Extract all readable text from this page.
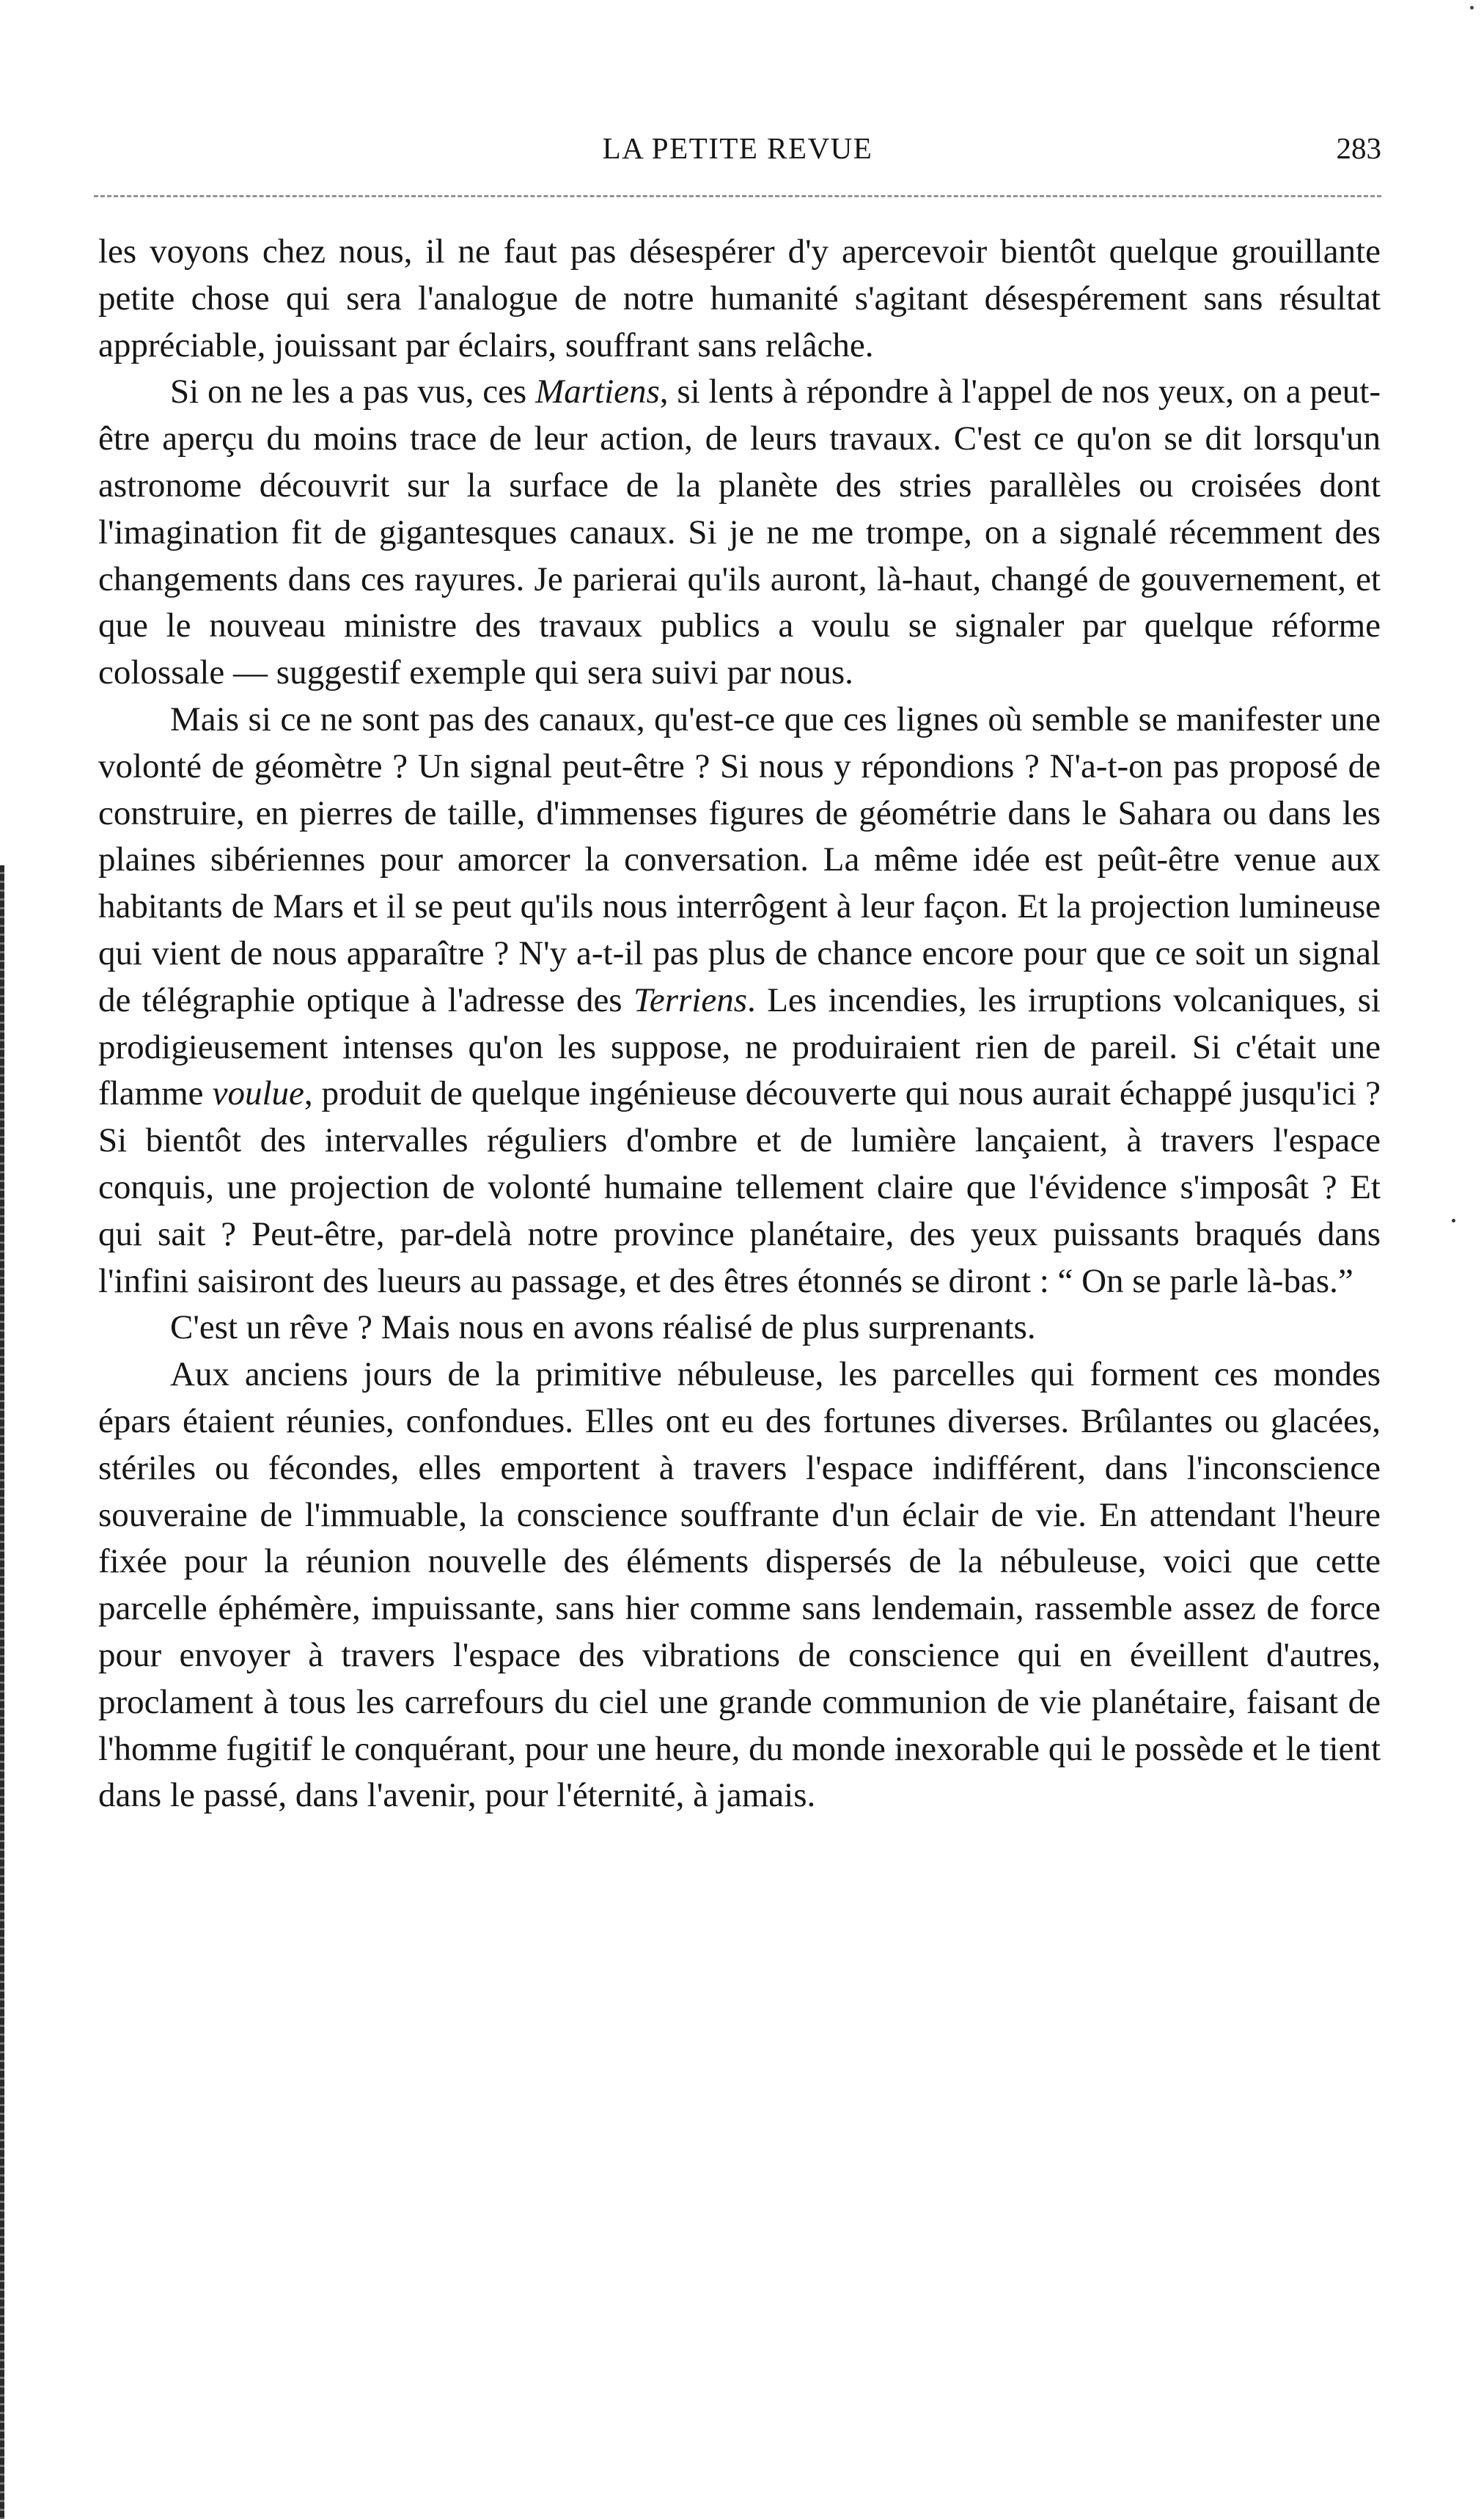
LA PETITE REVUE	283

les voyons chez nous, il ne faut pas désespérer d'y apercevoir bientôt quelque grouillante petite chose qui sera l'analogue de notre humanité s'agitant désespérement sans résultat appréciable, jouissant par éclairs, souffrant sans relâche.

Si on ne les a pas vus, ces Martiens, si lents à répondre à l'appel de nos yeux, on a peut-être aperçu du moins trace de leur action, de leurs travaux. C'est ce qu'on se dit lorsqu'un astronome découvrit sur la surface de la planète des stries parallèles ou croisées dont l'imagination fit de gigantesques canaux. Si je ne me trompe, on a signalé récemment des changements dans ces rayures. Je parierai qu'ils auront, là-haut, changé de gouvernement, et que le nouveau ministre des travaux publics a voulu se signaler par quelque réforme colossale — suggestif exemple qui sera suivi par nous.

Mais si ce ne sont pas des canaux, qu'est-ce que ces lignes où semble se manifester une volonté de géomètre ? Un signal peut-être ? Si nous y répondions ? N'a-t-on pas proposé de construire, en pierres de taille, d'immenses figures de géométrie dans le Sahara ou dans les plaines sibériennes pour amorcer la conversation. La même idée est peût-être venue aux habitants de Mars et il se peut qu'ils nous interrôgent à leur façon. Et la projection lumineuse qui vient de nous apparaître ? N'y a-t-il pas plus de chance encore pour que ce soit un signal de télégraphie optique à l'adresse des Terriens. Les incendies, les irruptions volcaniques, si prodigieusement intenses qu'on les suppose, ne produiraient rien de pareil. Si c'était une flamme voulue, produit de quelque ingénieuse découverte qui nous aurait échappé jusqu'ici ? Si bientôt des intervalles réguliers d'ombre et de lumière lançaient, à travers l'espace conquis, une projection de volonté humaine tellement claire que l'évidence s'imposât ? Et qui sait ? Peut-être, par-delà notre province planétaire, des yeux puissants braqués dans l'infini saisiront des lueurs au passage, et des êtres étonnés se diront : “ On se parle là-bas.”

C'est un rêve ? Mais nous en avons réalisé de plus surprenants.

Aux anciens jours de la primitive nébuleuse, les parcelles qui forment ces mondes épars étaient réunies, confondues. Elles ont eu des fortunes diverses. Brûlantes ou glacées, stériles ou fécondes, elles emportent à travers l'espace indifférent, dans l'inconscience souveraine de l'immuable, la conscience souffrante d'un éclair de vie. En attendant l'heure fixée pour la réunion nouvelle des éléments dispersés de la nébuleuse, voici que cette parcelle éphémère, impuissante, sans hier comme sans lendemain, rassemble assez de force pour envoyer à travers l'espace des vibrations de conscience qui en éveillent d'autres, proclament à tous les carrefours du ciel une grande communion de vie planétaire, faisant de l'homme fugitif le conquérant, pour une heure, du monde inexorable qui le possède et le tient dans le passé, dans l'avenir, pour l'éternité, à jamais.
